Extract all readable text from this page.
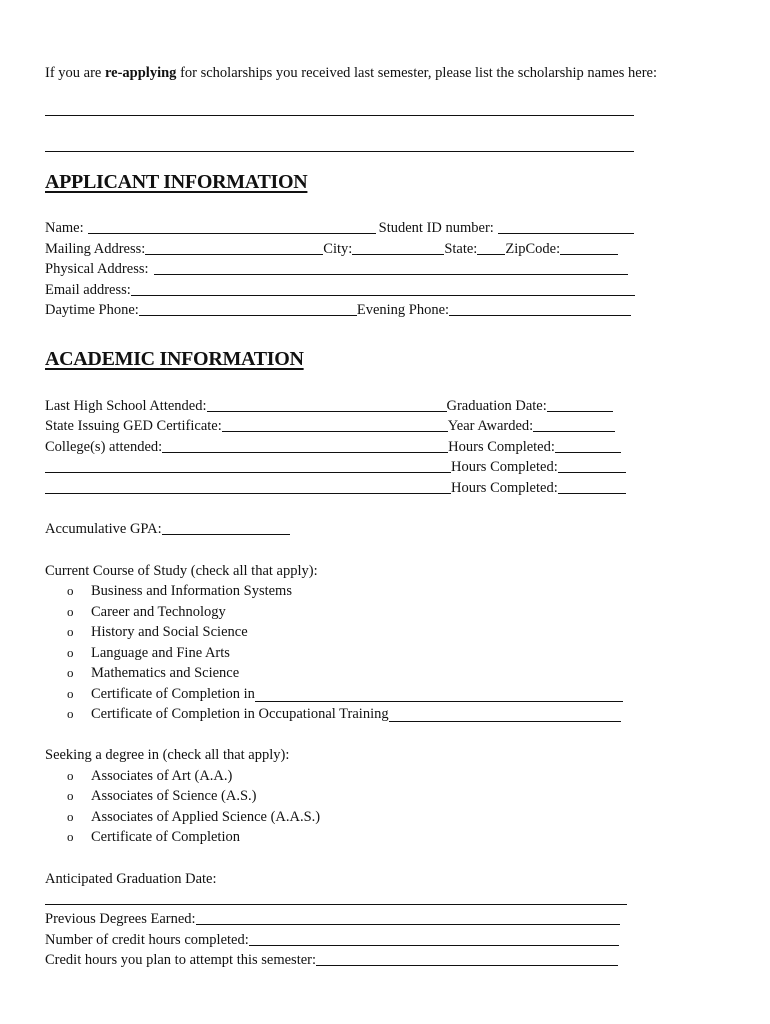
If you are re-applying for scholarships you received last semester, please list the scholarship names here:
APPLICANT INFORMATION
Name:	Student ID number:
Mailing Address:	City:	State: ZipCode:
Physical Address:
Email address:
Daytime Phone:	Evening Phone:
ACADEMIC INFORMATION
Last High School Attended:	Graduation Date:
State Issuing GED Certificate:	Year Awarded:
College(s) attended:	Hours Completed:
Hours Completed:
Hours Completed:
Accumulative GPA:
Current Course of Study (check all that apply):
o	Business and Information Systems
o	Career and Technology
o	History and Social Science
o	Language and Fine Arts
o	Mathematics and Science
o	Certificate of Completion in
o	Certificate of Completion in Occupational Training
Seeking a degree in (check all that apply):
o	Associates of Art (A.A.)
o	Associates of Science (A.S.)
o	Associates of Applied Science (A.A.S.)
o	Certificate of Completion
Anticipated Graduation Date:
Previous Degrees Earned:
Number of credit hours completed:
Credit hours you plan to attempt this semester:
